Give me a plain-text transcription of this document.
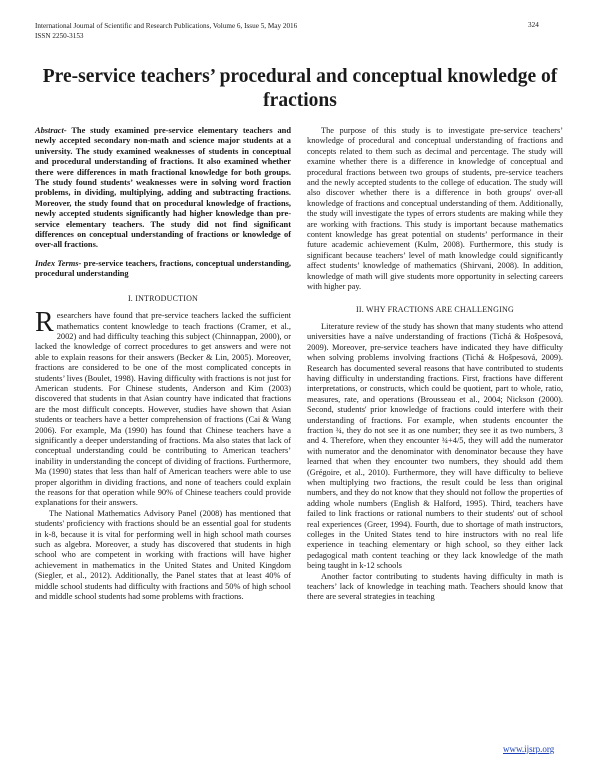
International Journal of Scientific and Research Publications, Volume 6, Issue 5, May 2016
ISSN 2250-3153
324
Pre-service teachers’ procedural and conceptual knowledge of fractions

Abstract- The study examined pre-service elementary teachers and newly accepted secondary non-math and science major students at a university. The study examined weaknesses of students in conceptual and procedural understanding of fractions. It also examined whether there were differences in math fractional knowledge for both groups. The study found students’ weaknesses were in solving word fraction problems, in dividing, multiplying, adding and subtracting fractions. Moreover, the study found that on procedural knowledge of fractions, newly accepted students significantly had higher knowledge than pre-service elementary teachers. The study did not find significant differences on conceptual understanding of fractions or knowledge of over-all fractions.

Index Terms- pre-service teachers, fractions, conceptual understanding, procedural understanding

I. INTRODUCTION

Researchers have found that pre-service teachers lacked the sufficient mathematics content knowledge to teach fractions (Cramer, et al., 2002) and had difficulty teaching this subject (Chinnappan, 2000), or lacked the knowledge of correct procedures to get answers and were not able to explain reasons for their answers (Becker & Lin, 2005). Moreover, fractions are considered to be one of the most complicated concepts in students’ lives (Boulet, 1998). Having difficulty with fractions is not just for American students. For Chinese students, Anderson and Kim (2003) discovered that students in that Asian country have indicated that fractions are the most difficult concepts. However, studies have shown that Asian students or teachers have a better comprehension of fractions (Cai & Wang 2006). For example, Ma (1990) has found that Chinese teachers have a significantly a deeper understanding of fractions. Ma also states that lack of conceptual understanding could be contributing to American teachers’ inability in understanding the concept of dividing of fractions. Furthermore, Ma (1990) states that less than half of American teachers were able to use proper algorithm in dividing fractions, and none of teachers could explain the reasons for that operation while 90% of Chinese teachers could provide explanations for their answers.

The National Mathematics Advisory Panel (2008) has mentioned that students' proficiency with fractions should be an essential goal for students in k-8, because it is vital for performing well in high school math courses such as algebra. Moreover, a study has discovered that students in high school who are competent in working with fractions will have higher achievement in mathematics in the United States and United Kingdom (Siegler, et al., 2012). Additionally, the Panel states that at least 40% of middle school students had difficulty with fractions and 50% of high school and middle school students had some problems with fractions.

The purpose of this study is to investigate pre-service teachers’ knowledge of procedural and conceptual understanding of fractions and concepts related to them such as decimal and percentage. The study will examine whether there is a difference in knowledge of conceptual and procedural fractions between two groups of students, pre-service teachers and the newly accepted students to the college of education. The study will also discover whether there is a difference in both groups' over-all knowledge of fractions and conceptual understanding of them. Additionally, the study will investigate the types of errors students are making while they are working with fractions. This study is important because mathematics content knowledge has great potential on students’ performance in their future academic achievement (Kulm, 2008). Furthermore, this study is significant because teachers’ level of math knowledge could significantly affect students’ knowledge of mathematics (Shirvani, 2008). In addition, knowledge of math will give students more opportunity in selecting careers with higher pay.

II. WHY FRACTIONS ARE CHALLENGING

Literature review of the study has shown that many students who attend universities have a naïve understanding of fractions (Tichá & Hošpesová, 2009). Moreover, pre-service teachers have indicated they have difficulty when solving problems involving fractions (Tichá & Hošpesová, 2009). Research has documented several reasons that have contributed to students having difficulty in understanding fractions. First, fractions have different interpretations, or constructs, which could be quotient, part to whole, ratio, measures, rate, and operations (Brousseau et al., 2004; Nickson (2000). Second, students' prior knowledge of fractions could interfere with their understanding of fractions. For example, when students encounter the fraction ¾, they do not see it as one number; they see it as two numbers, 3 and 4. Therefore, when they encounter ¾+4/5, they will add the numerator with numerator and the denominator with denominator because they have learned that when they encounter two numbers, they should add them (Grégoire, et al., 2010). Furthermore, they will have difficulty to believe when multiplying two fractions, the result could be less than original numbers, and they do not know that they should not follow the properties of adding whole numbers (English & Halford, 1995). Third, teachers have failed to link fractions or rational numbers to their students' out of school real experiences (Greer, 1994). Fourth, due to shortage of math instructors, colleges in the United States tend to hire instructors with no real life experience in teaching elementary or high school, so they either lack pedagogical math content teaching or they lack knowledge of the math being taught in k-12 schools

Another factor contributing to students having difficulty in math is teachers’ lack of knowledge in teaching math. Teachers should know that there are several strategies in teaching

www.ijsrp.org
